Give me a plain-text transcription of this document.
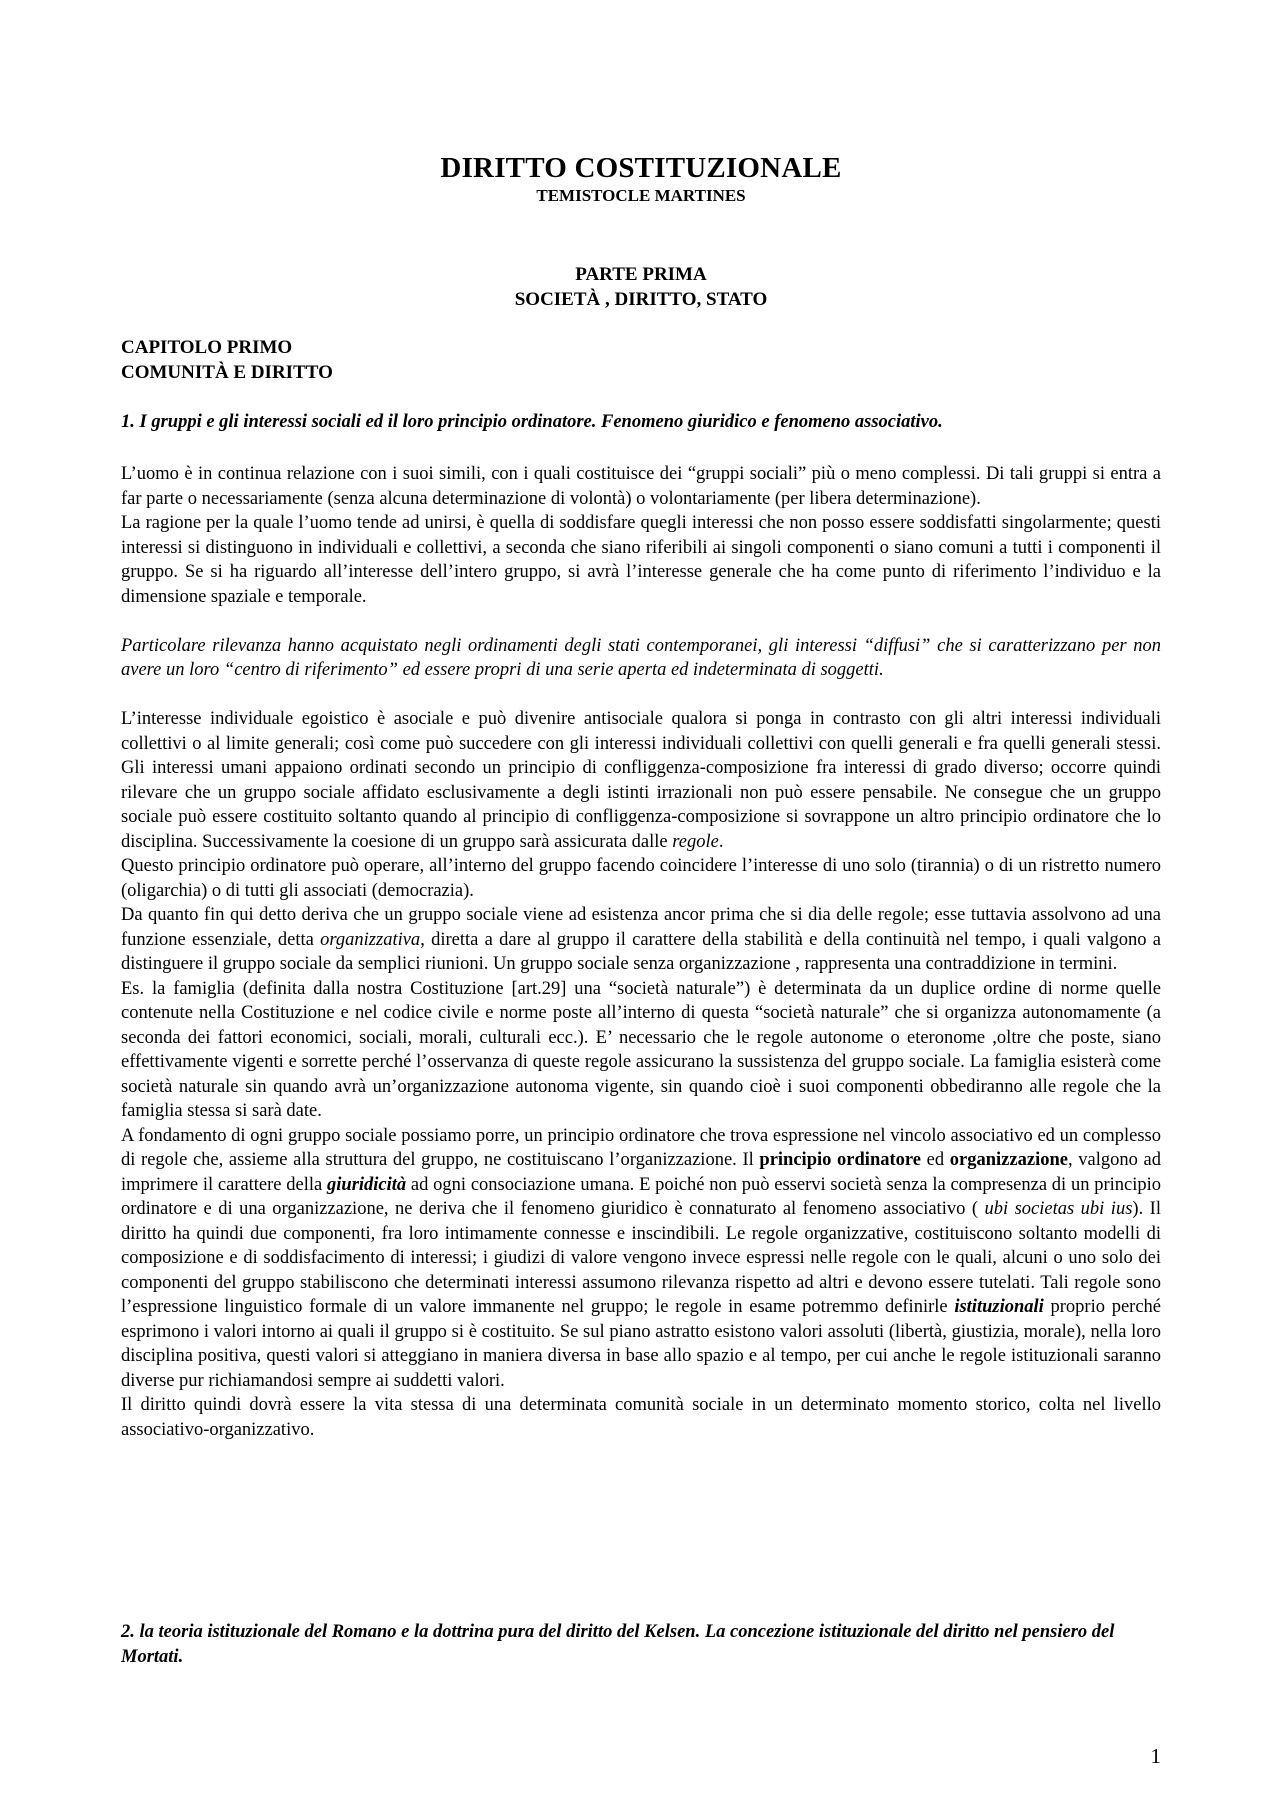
DIRITTO COSTITUZIONALE
TEMISTOCLE MARTINES
PARTE PRIMA
SOCIETÀ , DIRITTO, STATO
CAPITOLO PRIMO
COMUNITÀ E DIRITTO
1. I gruppi e gli interessi sociali ed il loro principio ordinatore. Fenomeno giuridico e fenomeno associativo.

L’uomo è in continua relazione con i suoi simili, con i quali costituisce dei “gruppi sociali” più o meno complessi. Di tali gruppi si entra a far parte o necessariamente (senza alcuna determinazione di volontà) o volontariamente (per libera determinazione).

La ragione per la quale l’uomo tende ad unirsi, è quella di soddisfare quegli interessi che non posso essere soddisfatti singolarmente; questi interessi si distinguono in individuali e collettivi, a seconda che siano riferibili ai singoli componenti o siano comuni a tutti i componenti il gruppo. Se si ha riguardo all’interesse dell’intero gruppo, si avrà l’interesse generale che ha come punto di riferimento l’individuo e la dimensione spaziale e temporale.

Particolare rilevanza hanno acquistato negli ordinamenti degli stati contemporanei, gli interessi “diffusi” che si caratterizzano per non avere un loro “centro di riferimento” ed essere propri di una serie aperta ed indeterminata di soggetti.

L’interesse individuale egoistico è asociale e può divenire antisociale qualora si ponga in contrasto con gli altri interessi individuali collettivi o al limite generali; così come può succedere con gli interessi individuali collettivi con quelli generali e fra quelli generali stessi. Gli interessi umani appaiono ordinati secondo un principio di confliggenza-composizione fra interessi di grado diverso; occorre quindi rilevare che un gruppo sociale affidato esclusivamente a degli istinti irrazionali non può essere pensabile. Ne consegue che un gruppo sociale può essere costituito soltanto quando al principio di confliggenza-composizione si sovrappone un altro principio ordinatore che lo disciplina. Successivamente la coesione di un gruppo sarà assicurata dalle regole.

Questo principio ordinatore può operare, all’interno del gruppo facendo coincidere l’interesse di uno solo (tirannia) o di un ristretto numero (oligarchia) o di tutti gli associati (democrazia).

Da quanto fin qui detto deriva che un gruppo sociale viene ad esistenza ancor prima che si dia delle regole; esse tuttavia assolvono ad una funzione essenziale, detta organizzativa, diretta a dare al gruppo il carattere della stabilità e della continuità nel tempo, i quali valgono a distinguere il gruppo sociale da semplici riunioni. Un gruppo sociale senza organizzazione , rappresenta una contraddizione in termini.

Es. la famiglia (definita dalla nostra Costituzione [art.29] una “società naturale”) è determinata da un duplice ordine di norme quelle contenute nella Costituzione e nel codice civile e norme poste all’interno di questa “società naturale” che si organizza autonomamente (a seconda dei fattori economici, sociali, morali, culturali ecc.). E’ necessario che le regole autonome o eteronome ,oltre che poste, siano effettivamente vigenti e sorrette perché l’osservanza di queste regole assicurano la sussistenza del gruppo sociale. La famiglia esisterà come società naturale sin quando avrà un’organizzazione autonoma vigente, sin quando cioè i suoi componenti obbediranno alle regole che la famiglia stessa si sarà date.

A fondamento di ogni gruppo sociale possiamo porre, un principio ordinatore che trova espressione nel vincolo associativo ed un complesso di regole che, assieme alla struttura del gruppo, ne costituiscano l’organizzazione. Il principio ordinatore ed organizzazione, valgono ad imprimere il carattere della giuridicità ad ogni consociazione umana. E poiché non può esservi società senza la compresenza di un principio ordinatore e di una organizzazione, ne deriva che il fenomeno giuridico è connaturato al fenomeno associativo ( ubi societas ubi ius). Il diritto ha quindi due componenti, fra loro intimamente connesse e inscindibili. Le regole organizzative, costituiscono soltanto modelli di composizione e di soddisfacimento di interessi; i giudizi di valore vengono invece espressi nelle regole con le quali, alcuni o uno solo dei componenti del gruppo stabiliscono che determinati interessi assumono rilevanza rispetto ad altri e devono essere tutelati. Tali regole sono l’espressione linguistico formale di un valore immanente nel gruppo; le regole in esame potremmo definirle istituzionali proprio perché esprimono i valori intorno ai quali il gruppo si è costituito. Se sul piano astratto esistono valori assoluti (libertà, giustizia, morale), nella loro disciplina positiva, questi valori si atteggiano in maniera diversa in base allo spazio e al tempo, per cui anche le regole istituzionali saranno diverse pur richiamandosi sempre ai suddetti valori.

Il diritto quindi dovrà essere la vita stessa di una determinata comunità sociale in un determinato momento storico, colta nel livello associativo-organizzativo.

2. la teoria istituzionale del Romano e la dottrina pura del diritto del Kelsen. La concezione istituzionale del diritto nel pensiero del Mortati.
1
